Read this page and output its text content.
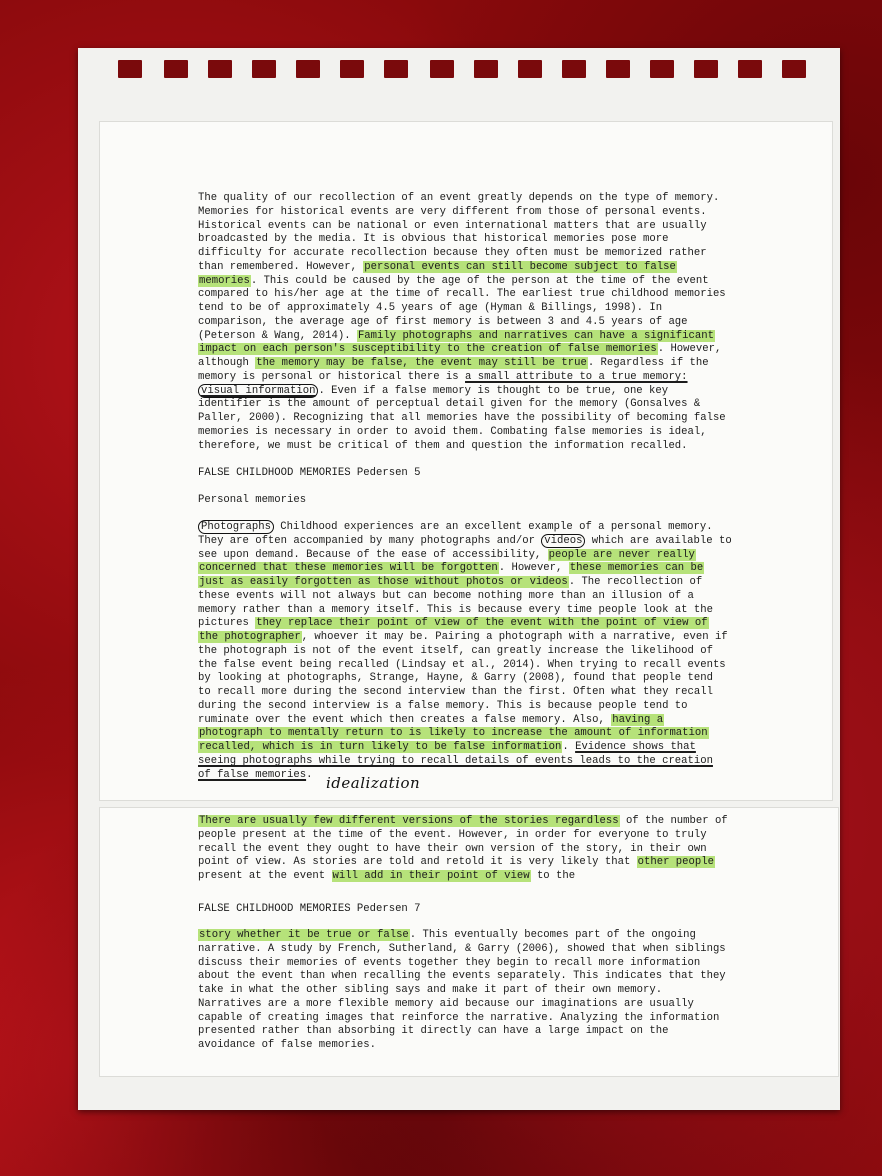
The quality of our recollection of an event greatly depends on the type of memory.
Memories for historical events are very different from those of personal events.
Historical events can be national or even international matters that are usually
broadcasted by the media. It is obvious that historical memories pose more
difficulty for accurate recollection because they often must be memorized rather
than remembered. However, personal events can still become subject to false
memories. This could be caused by the age of the person at the time of the event
compared to his/her age at the time of recall. The earliest true childhood memories
tend to be of approximately 4.5 years of age (Hyman & Billings, 1998). In
comparison, the average age of first memory is between 3 and 4.5 years of age
(Peterson & Wang, 2014). Family photographs and narratives can have a significant
impact on each person's susceptibility to the creation of false memories. However,
although the memory may be false, the event may still be true. Regardless if the
memory is personal or historical there is a small attribute to a true memory:
visual information . Even if a false memory is thought to be true, one key
identifier is the amount of perceptual detail given for the memory (Gonsalves &
Paller, 2000). Recognizing that all memories have the possibility of becoming false
memories is necessary in order to avoid them. Combating false memories is ideal,
therefore, we must be critical of them and question the information recalled.
FALSE CHILDHOOD MEMORIES Pedersen 5
Personal memories
Photographs Childhood experiences are an excellent example of a personal memory.
They are often accompanied by many photographs and/or videos which are available to
see upon demand. Because of the ease of accessibility, people are never really
concerned that these memories will be forgotten. However, these memories can be
just as easily forgotten as those without photos or videos. The recollection of
these events will not always but can become nothing more than an illusion of a
memory rather than a memory itself. This is because every time people look at the
pictures they replace their point of view of the event with the point of view of
the photographer, whoever it may be. Pairing a photograph with a narrative, even if
the photograph is not of the event itself, can greatly increase the likelihood of
the false event being recalled (Lindsay et al., 2014). When trying to recall events
by looking at photographs, Strange, Hayne, & Garry (2008), found that people tend
to recall more during the second interview than the first. Often what they recall
during the second interview is a false memory. This is because people tend to
ruminate over the event which then creates a false memory. Also, having a
photograph to mentally return to is likely to increase the amount of information
recalled, which is in turn likely to be false information. Evidence shows that
seeing photographs while trying to recall details of events leads to the creation
of false memories. idealization
There are usually few different versions of the stories regardless of the number of
people present at the time of the event. However, in order for everyone to truly
recall the event they ought to have their own version of the story, in their own
point of view. As stories are told and retold it is very likely that other people
present at the event will add in their point of view to the
FALSE CHILDHOOD MEMORIES Pedersen 7
story whether it be true or false. This eventually becomes part of the ongoing
narrative. A study by French, Sutherland, & Garry (2006), showed that when siblings
discuss their memories of events together they begin to recall more information
about the event than when recalling the events separately. This indicates that they
take in what the other sibling says and make it part of their own memory.
Narratives are a more flexible memory aid because our imaginations are usually
capable of creating images that reinforce the narrative. Analyzing the information
presented rather than absorbing it directly can have a large impact on the
avoidance of false memories.
